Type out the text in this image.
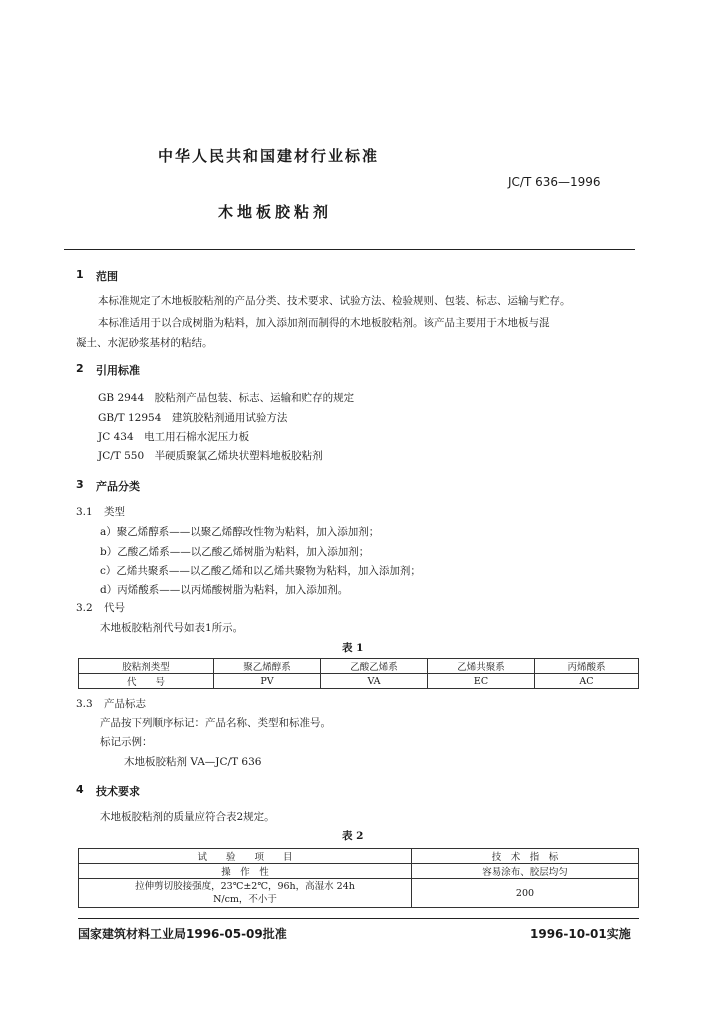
中华人民共和国建材行业标准
JC/T 636—1996
木地板胶粘剂
1 范围
本标准规定了木地板胶粘剂的产品分类、技术要求、试验方法、检验规则、包装、标志、运输与贮存。
本标准适用于以合成树脂为粘料，加入添加剂而制得的木地板胶粘剂。该产品主要用于木地板与混
凝土、水泥砂浆基材的粘结。
2 引用标准
GB 2944　胶粘剂产品包装、标志、运输和贮存的规定
GB/T 12954　建筑胶粘剂通用试验方法
JC 434　电工用石棉水泥压力板
JC/T 550　半硬质聚氯乙烯块状塑料地板胶粘剂
3 产品分类
3.1 类型
a）聚乙烯醇系——以聚乙烯醇改性物为粘料，加入添加剂；
b）乙酸乙烯系——以乙酸乙烯树脂为粘料，加入添加剂；
c）乙烯共聚系——以乙酸乙烯和以乙烯共聚物为粘料，加入添加剂；
d）丙烯酸系——以丙烯酸树脂为粘料，加入添加剂。
3.2 代号
木地板胶粘剂代号如表1所示。
表 1
胶粘剂类型	聚乙烯醇系	乙酸乙烯系	乙烯共聚系	丙烯酸系
代　　号	PV	VA	EC	AC
3.3 产品标志
产品按下列顺序标记：产品名称、类型和标准号。
标记示例：
木地板胶粘剂 VA—JC/T 636
4 技术要求
木地板胶粘剂的质量应符合表2规定。
表 2
试　　验　　项　　目	技　术　指　标
操　作　性	容易涂布、胶层均匀

拉伸剪切胶接强度，23℃±2℃，96h，高湿水 24h
N/cm，不小于	200
国家建筑材料工业局1996-05-09批准	1996-10-01实施
